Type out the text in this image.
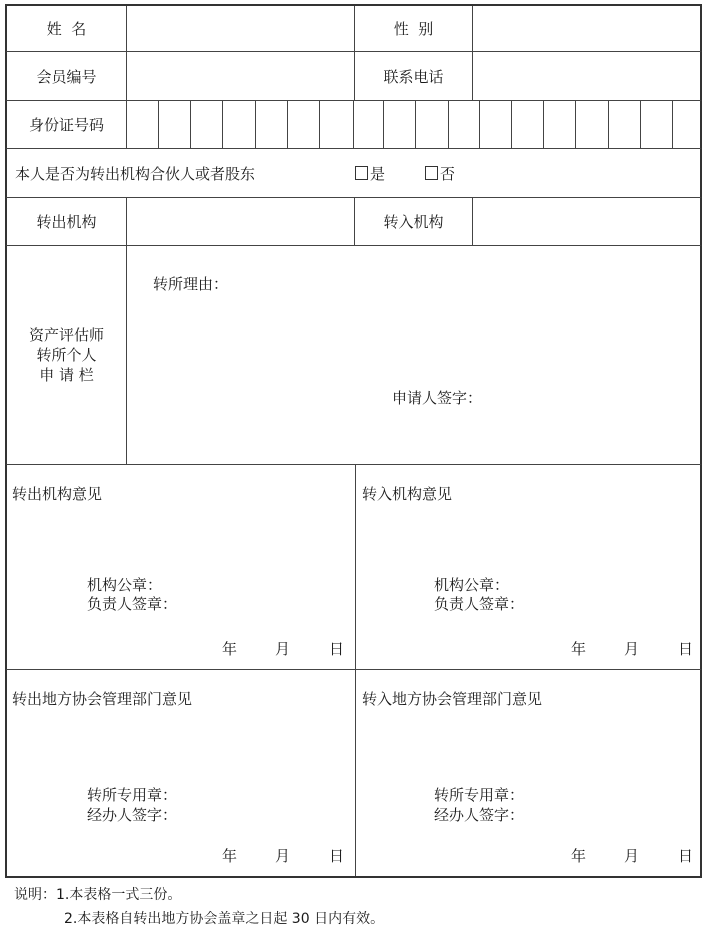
姓  名	性  别
会员编号	联系电话
身份证号码
本人是否为转出机构合伙人或者股东	是	否
转出机构	转入机构
资产评估师
转所个人
申 请 栏
转所理由：
申请人签字：
转出机构意见
机构公章：
负责人签章：
年	月	日
转入机构意见
机构公章：
负责人签章：
年	月	日
转出地方协会管理部门意见
转所专用章：
经办人签字：
年	月	日
转入地方协会管理部门意见
转所专用章：
经办人签字：
年	月	日
说明：1.本表格一式三份。
2.本表格自转出地方协会盖章之日起 30 日内有效。
